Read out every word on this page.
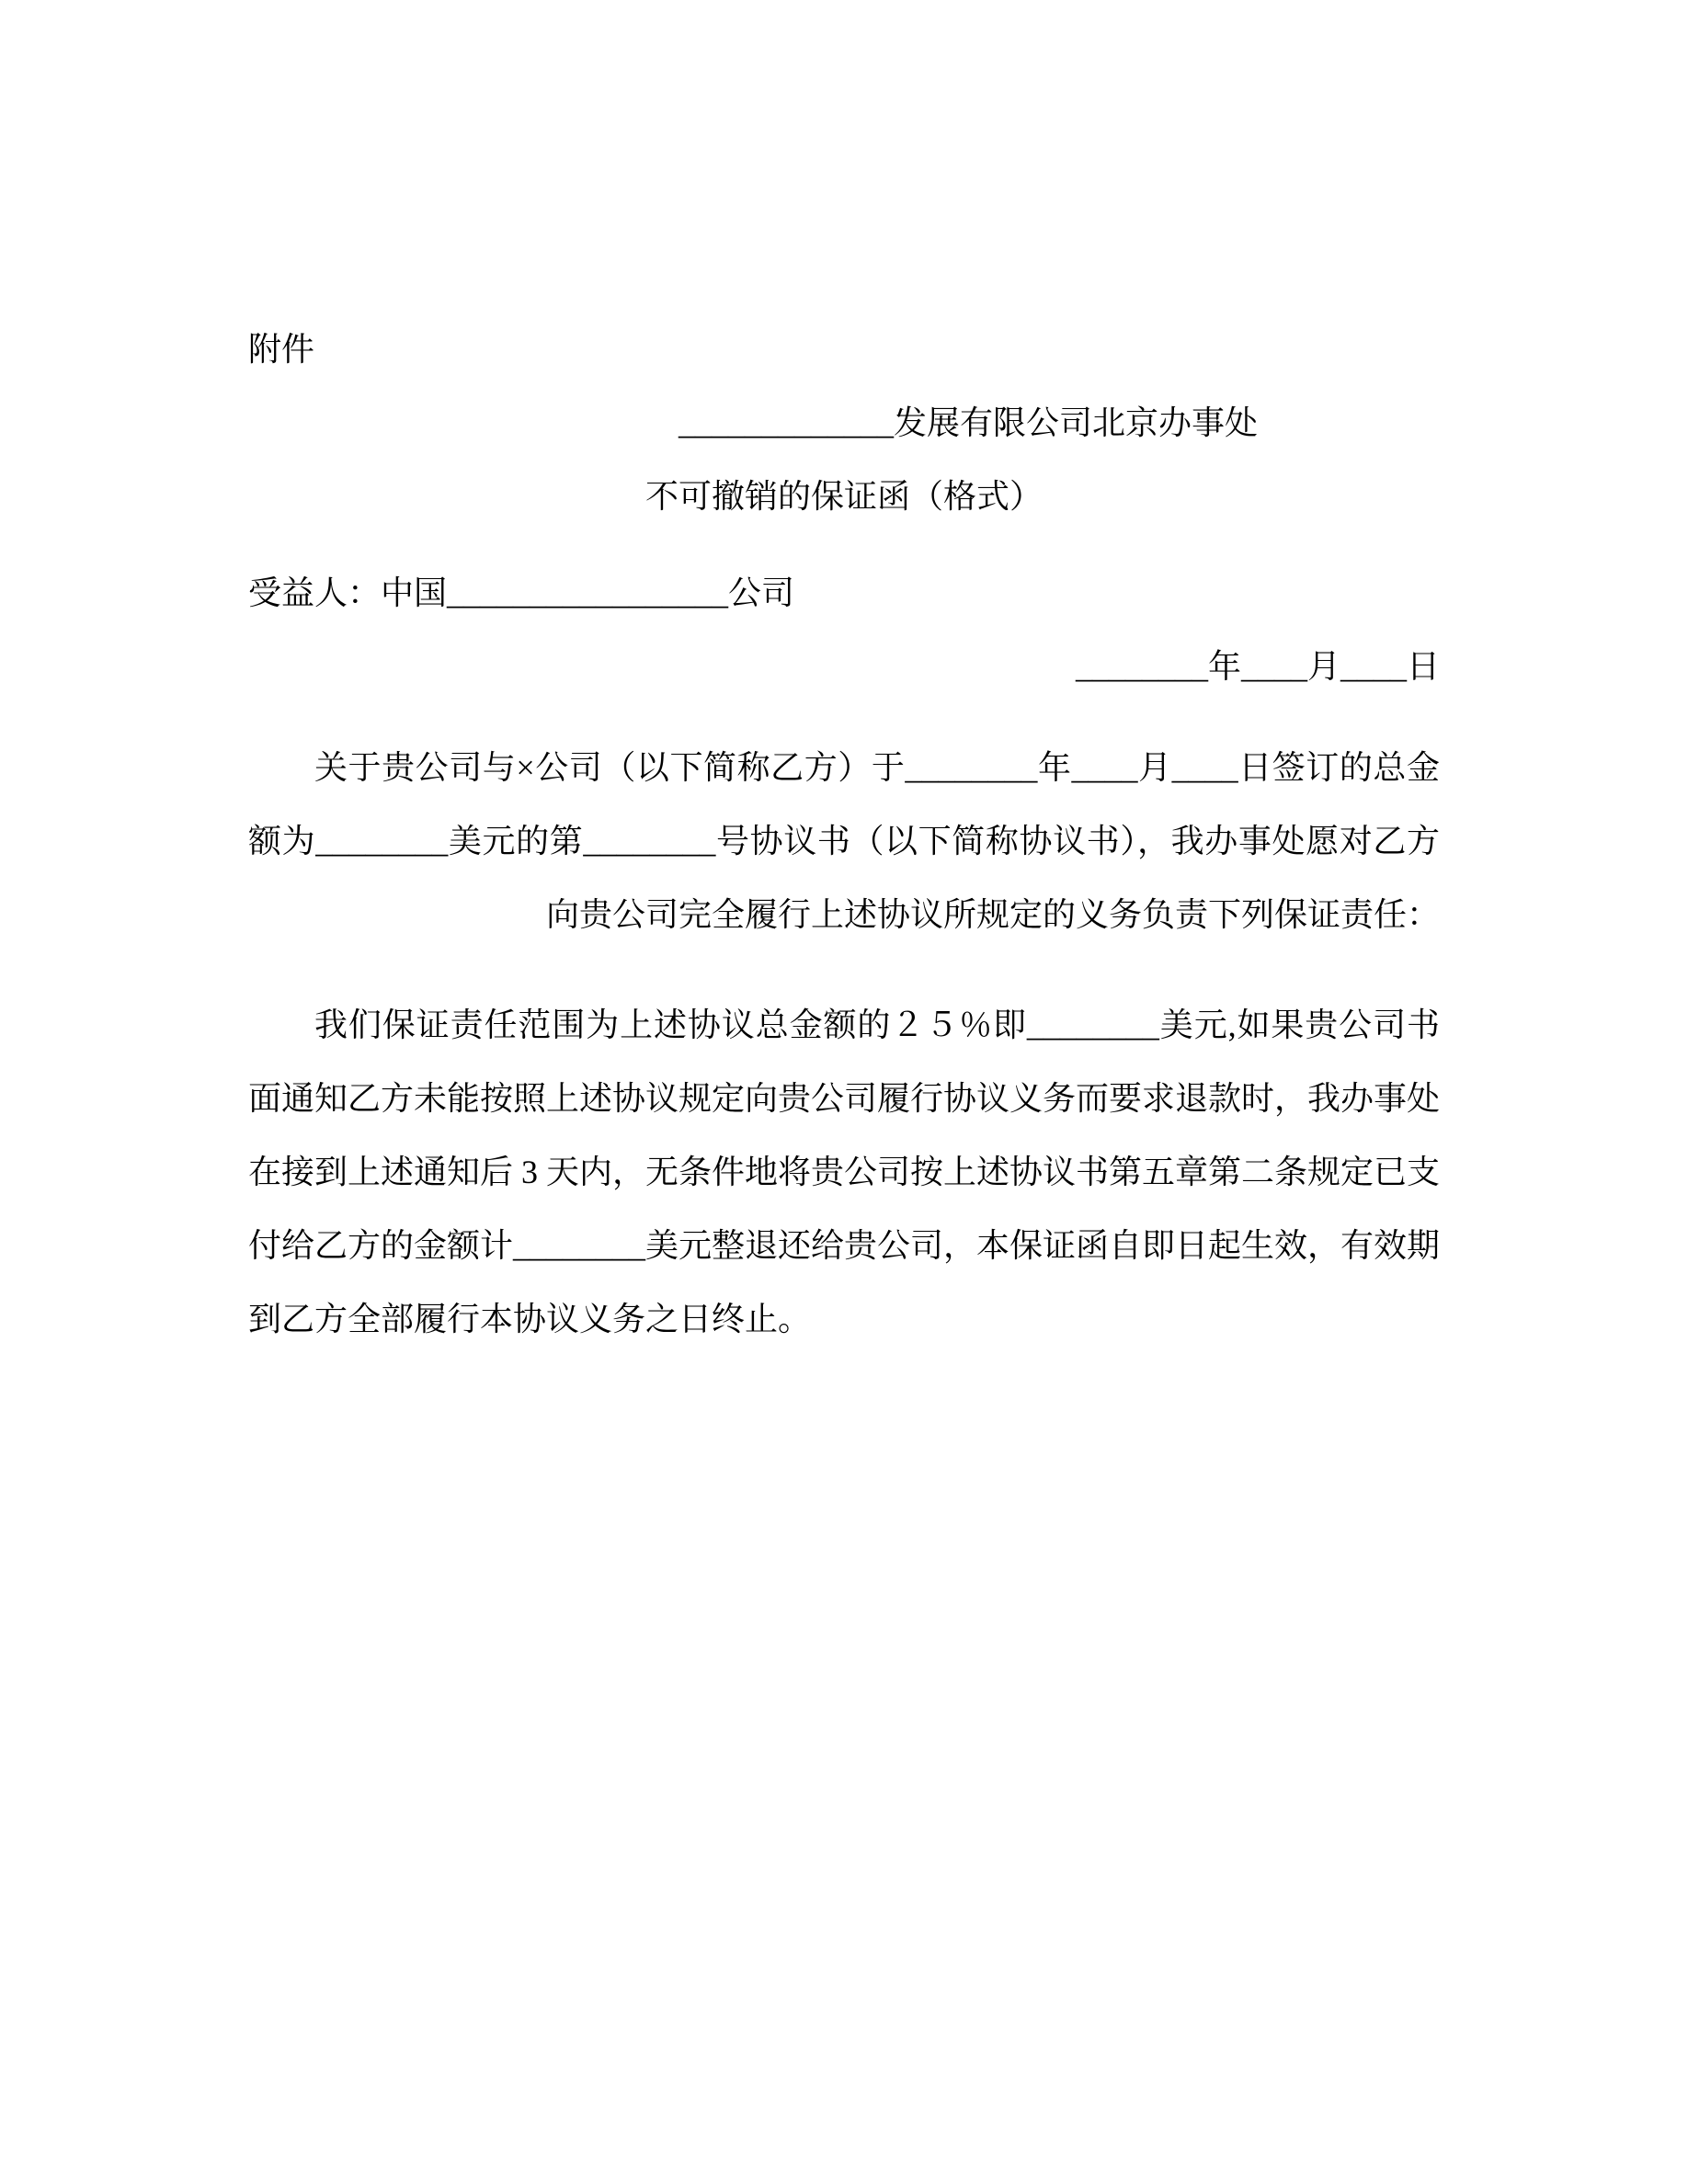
附件

_____________发展有限公司北京办事处

不可撤销的保证函（格式）

受益人：中国_________________公司

________年____月____日

关于贵公司与×公司（以下简称乙方）于________年____月____日签订的总金额为________美元的第________号协议书（以下简称协议书），我办事处愿对乙方向贵公司完全履行上述协议所规定的义务负责下列保证责任：

我们保证责任范围为上述协议总金额的２５％即________美元,如果贵公司书面通知乙方未能按照上述协议规定向贵公司履行协议义务而要求退款时，我办事处在接到上述通知后 3 天内，无条件地将贵公司按上述协议书第五章第二条规定已支付给乙方的金额计________美元整退还给贵公司，本保证函自即日起生效，有效期到乙方全部履行本协议义务之日终止。
